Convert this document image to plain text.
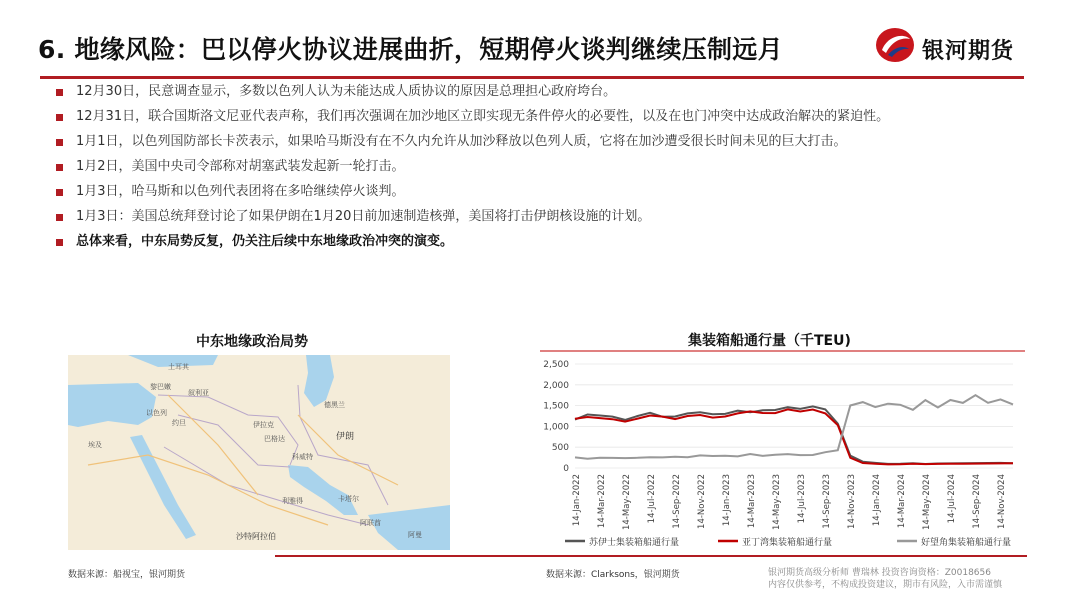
6. 地缘风险：巴以停火协议进展曲折，短期停火谈判继续压制远月	银河期货
12月30日，民意调查显示，多数以色列人认为未能达成人质协议的原因是总理担心政府垮台。
12月31日，联合国斯洛文尼亚代表声称，我们再次强调在加沙地区立即实现无条件停火的必要性，以及在也门冲突中达成政治解决的紧迫性。
1月1日，以色列国防部长卡茨表示，如果哈马斯没有在不久内允许从加沙释放以色列人质，它将在加沙遭受很长时间未见的巨大打击。
1月2日，美国中央司令部称对胡塞武装发起新一轮打击。
1月3日，哈马斯和以色列代表团将在多哈继续停火谈判。
1月3日：美国总统拜登讨论了如果伊朗在1月20日前加速制造核弹，美国将打击伊朗核设施的计划。
总体来看，中东局势反复，仍关注后续中东地缘政治冲突的演变。
中东地缘政治局势
伊拉克
叙利亚
约旦
科威特
卡塔尔
阿联酋
阿曼
埃及
土耳其
以色列
黎巴嫩
巴格达
德黑兰
利雅得
伊朗
沙特阿拉伯
数据来源：船视宝，银河期货
集装箱船通行量（千TEU)
2,500
2,000
1,500
1,000
500
0
14-Jan-2022 14-Mar-2022 14-May-2022 14-Jul-2022 14-Sep-2022 14-Nov-2022 14-Jan-2023 14-Mar-2023 14-May-2023 14-Jul-2023 14-Sep-2023 14-Nov-2023 14-Jan-2024 14-Mar-2024 14-May-2024 14-Jul-2024 14-Sep-2024 14-Nov-2024
苏伊士集装箱船通行量	亚丁湾集装箱船通行量	好望角集装箱船通行量
数据来源：Clarksons，银河期货	银河期货高级分析师 曹瑞林 投资咨询资格：Z0018656
内容仅供参考，不构成投资建议，期市有风险，入市需谨慎
